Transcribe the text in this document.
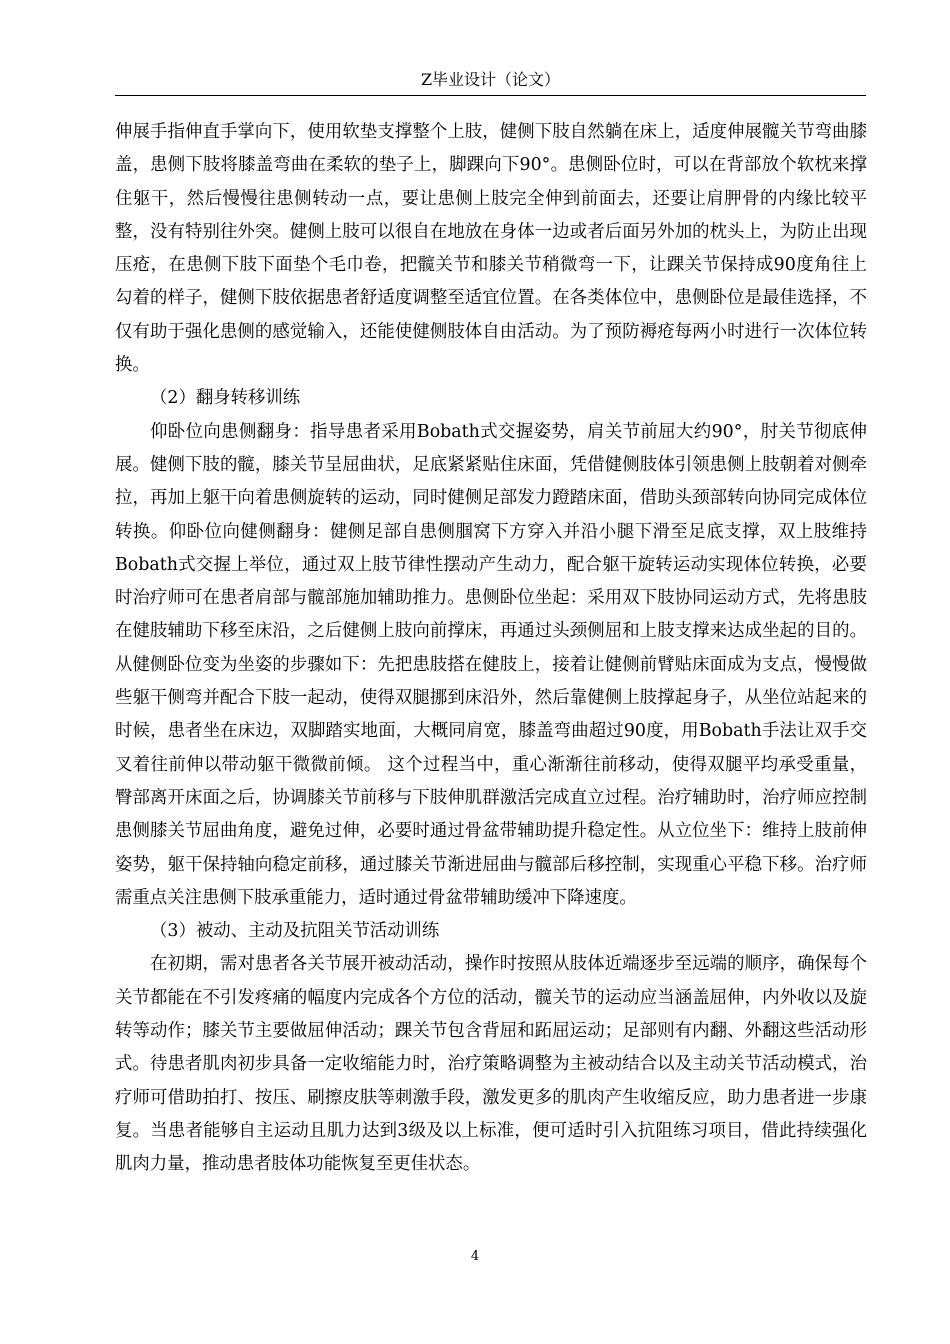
Z毕业设计（论文）

伸展手指伸直手掌向下，使用软垫支撑整个上肢，健侧下肢自然躺在床上，适度伸展髋关节弯曲膝盖，患侧下肢将膝盖弯曲在柔软的垫子上，脚踝向下90°。患侧卧位时，可以在背部放个软枕来撑住躯干，然后慢慢往患侧转动一点，要让患侧上肢完全伸到前面去，还要让肩胛骨的内缘比较平整，没有特别往外突。健侧上肢可以很自在地放在身体一边或者后面另外加的枕头上，为防止出现压疮，在患侧下肢下面垫个毛巾卷，把髋关节和膝关节稍微弯一下，让踝关节保持成90度角往上勾着的样子，健侧下肢依据患者舒适度调整至适宜位置。在各类体位中，患侧卧位是最佳选择，不仅有助于强化患侧的感觉输入，还能使健侧肢体自由活动。为了预防褥疮每两小时进行一次体位转换。

（2）翻身转移训练

仰卧位向患侧翻身：指导患者采用Bobath式交握姿势，肩关节前屈大约90°，肘关节彻底伸展。健侧下肢的髋，膝关节呈屈曲状，足底紧紧贴住床面，凭借健侧肢体引领患侧上肢朝着对侧牵拉，再加上躯干向着患侧旋转的运动，同时健侧足部发力蹬踏床面，借助头颈部转向协同完成体位转换。仰卧位向健侧翻身：健侧足部自患侧腘窝下方穿入并沿小腿下滑至足底支撑，双上肢维持Bobath式交握上举位，通过双上肢节律性摆动产生动力，配合躯干旋转运动实现体位转换，必要时治疗师可在患者肩部与髋部施加辅助推力。患侧卧位坐起：采用双下肢协同运动方式，先将患肢在健肢辅助下移至床沿，之后健侧上肢向前撑床，再通过头颈侧屈和上肢支撑来达成坐起的目的。从健侧卧位变为坐姿的步骤如下：先把患肢搭在健肢上，接着让健侧前臂贴床面成为支点，慢慢做些躯干侧弯并配合下肢一起动，使得双腿挪到床沿外，然后靠健侧上肢撑起身子，从坐位站起来的时候，患者坐在床边，双脚踏实地面，大概同肩宽，膝盖弯曲超过90度，用Bobath手法让双手交叉着往前伸以带动躯干微微前倾。 这个过程当中，重心渐渐往前移动，使得双腿平均承受重量，臀部离开床面之后，协调膝关节前移与下肢伸肌群激活完成直立过程。治疗辅助时，治疗师应控制患侧膝关节屈曲角度，避免过伸，必要时通过骨盆带辅助提升稳定性。从立位坐下：维持上肢前伸姿势，躯干保持轴向稳定前移，通过膝关节渐进屈曲与髋部后移控制，实现重心平稳下移。治疗师需重点关注患侧下肢承重能力，适时通过骨盆带辅助缓冲下降速度。

（3）被动、主动及抗阻关节活动训练

在初期，需对患者各关节展开被动活动，操作时按照从肢体近端逐步至远端的顺序，确保每个关节都能在不引发疼痛的幅度内完成各个方位的活动，髋关节的运动应当涵盖屈伸，内外收以及旋转等动作；膝关节主要做屈伸活动；踝关节包含背屈和跖屈运动；足部则有内翻、外翻这些活动形式。待患者肌肉初步具备一定收缩能力时，治疗策略调整为主被动结合以及主动关节活动模式，治疗师可借助拍打、按压、刷擦皮肤等刺激手段，激发更多的肌肉产生收缩反应，助力患者进一步康复。当患者能够自主运动且肌力达到3级及以上标准，便可适时引入抗阻练习项目，借此持续强化肌肉力量，推动患者肢体功能恢复至更佳状态。

4
